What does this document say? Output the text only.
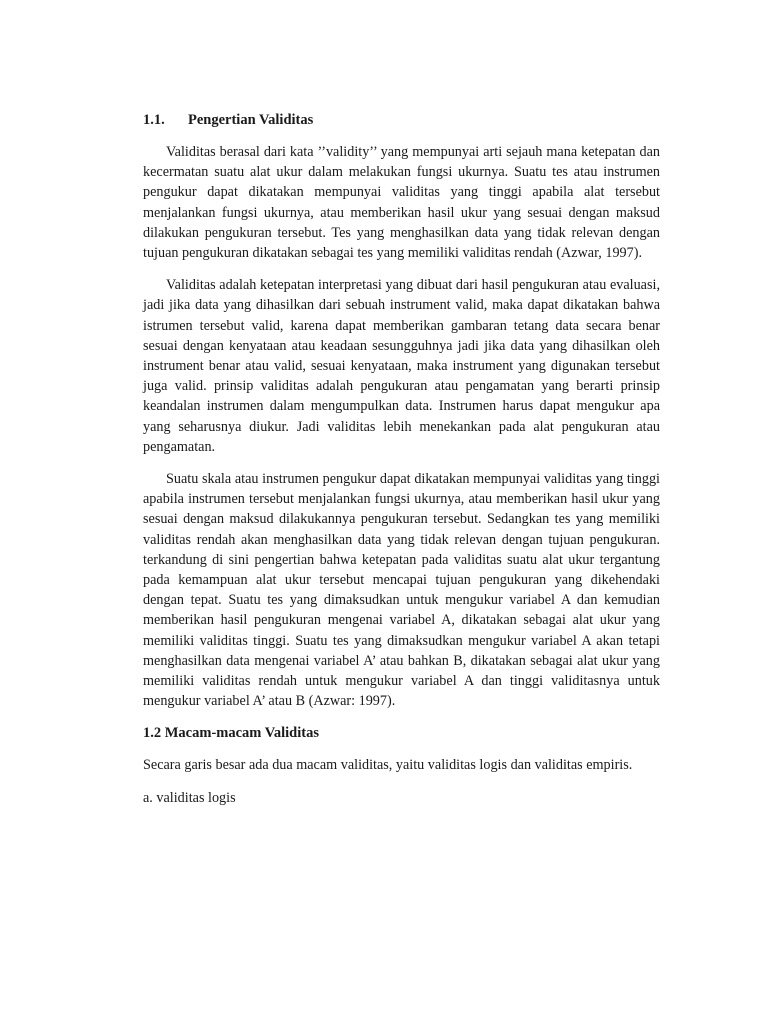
1.1.	Pengertian Validitas

Validitas berasal dari kata ’’validity’’ yang mempunyai arti sejauh mana ketepatan dan kecermatan suatu alat ukur dalam melakukan fungsi ukurnya. Suatu tes atau instrumen pengukur dapat dikatakan mempunyai validitas yang tinggi apabila alat tersebut menjalankan fungsi ukurnya, atau memberikan hasil ukur yang sesuai dengan maksud dilakukan pengukuran tersebut. Tes yang menghasilkan data yang tidak relevan dengan tujuan pengukuran dikatakan sebagai tes yang memiliki validitas rendah (Azwar, 1997).

Validitas adalah ketepatan interpretasi yang dibuat dari hasil pengukuran atau evaluasi, jadi jika data yang dihasilkan dari sebuah instrument valid, maka dapat dikatakan bahwa istrumen tersebut valid, karena dapat memberikan gambaran tetang data secara benar sesuai dengan kenyataan atau keadaan sesungguhnya jadi jika data yang dihasilkan oleh instrument benar atau valid, sesuai kenyataan, maka instrument yang digunakan tersebut juga valid. prinsip validitas adalah pengukuran atau pengamatan yang berarti prinsip keandalan instrumen dalam mengumpulkan data. Instrumen harus dapat mengukur apa yang seharusnya diukur. Jadi validitas lebih menekankan pada alat pengukuran atau pengamatan.

Suatu skala atau instrumen pengukur dapat dikatakan mempunyai validitas yang tinggi apabila instrumen tersebut menjalankan fungsi ukurnya, atau memberikan hasil ukur yang sesuai dengan maksud dilakukannya pengukuran tersebut. Sedangkan tes yang memiliki validitas rendah akan menghasilkan data yang tidak relevan dengan tujuan pengukuran. terkandung di sini pengertian bahwa ketepatan pada validitas suatu alat ukur tergantung pada kemampuan alat ukur tersebut mencapai tujuan pengukuran yang dikehendaki dengan tepat. Suatu tes yang dimaksudkan untuk mengukur variabel A dan kemudian memberikan hasil pengukuran mengenai variabel A, dikatakan sebagai alat ukur yang memiliki validitas tinggi. Suatu tes yang dimaksudkan mengukur variabel A akan tetapi menghasilkan data mengenai variabel A’ atau bahkan B, dikatakan sebagai alat ukur yang memiliki validitas rendah untuk mengukur variabel A dan tinggi validitasnya untuk mengukur variabel A’ atau B (Azwar: 1997).

1.2 Macam-macam Validitas

Secara garis besar ada dua macam validitas, yaitu validitas logis dan validitas empiris.

a. validitas logis
